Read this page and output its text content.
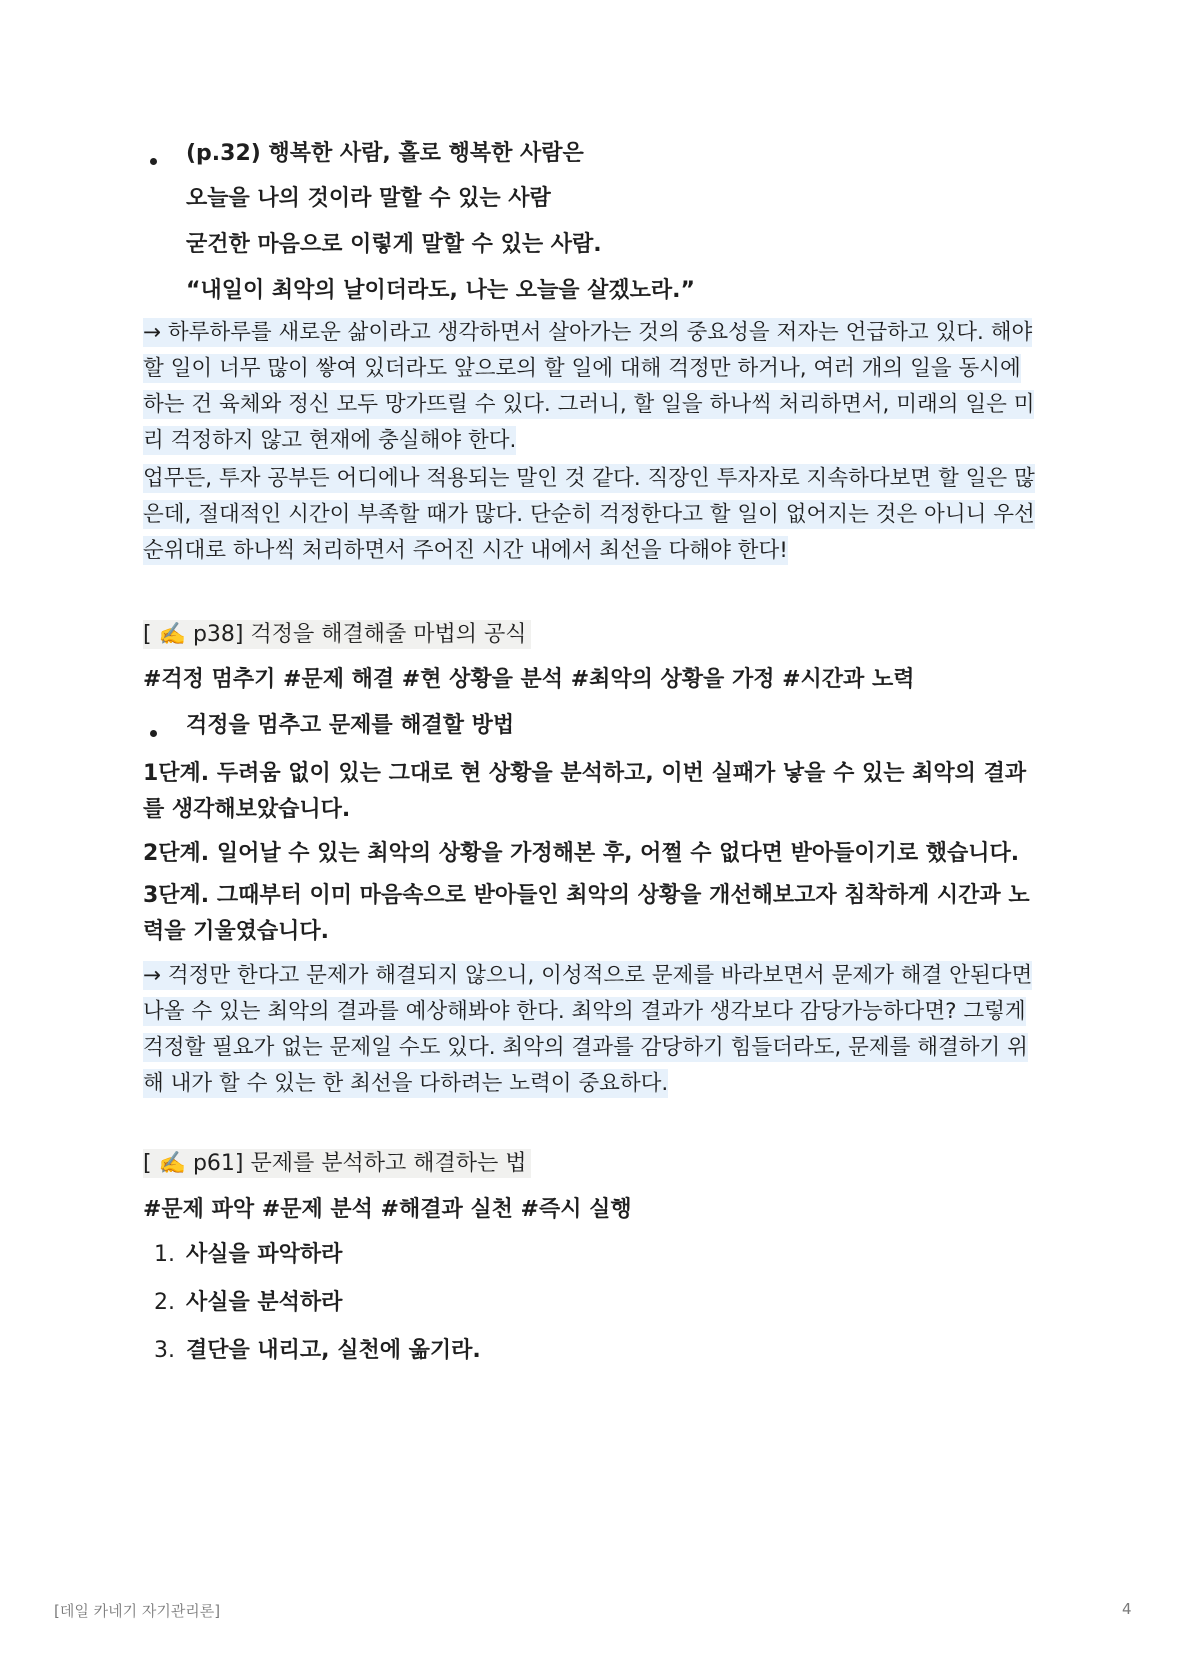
(p.32) 행복한 사람, 홀로 행복한 사람은
오늘을 나의 것이라 말할 수 있는 사람
굳건한 마음으로 이렇게 말할 수 있는 사람.
“내일이 최악의 날이더라도, 나는 오늘을 살겠노라.”
→ 하루하루를 새로운 삶이라고 생각하면서 살아가는 것의 중요성을 저자는 언급하고 있다. 해야 할 일이 너무 많이 쌓여 있더라도 앞으로의 할 일에 대해 걱정만 하거나, 여러 개의 일을 동시에 하는 건 육체와 정신 모두 망가뜨릴 수 있다. 그러니, 할 일을 하나씩 처리하면서, 미래의 일은 미리 걱정하지 않고 현재에 충실해야 한다.
업무든, 투자 공부든 어디에나 적용되는 말인 것 같다. 직장인 투자자로 지속하다보면 할 일은 많은데, 절대적인 시간이 부족할 때가 많다. 단순히 걱정한다고 할 일이 없어지는 것은 아니니 우선순위대로 하나씩 처리하면서 주어진 시간 내에서 최선을 다해야 한다!
[ ✍️ p38] 걱정을 해결해줄 마법의 공식
#걱정 멈추기 #문제 해결 #현 상황을 분석 #최악의 상황을 가정 #시간과 노력
걱정을 멈추고 문제를 해결할 방법
1단계. 두려움 없이 있는 그대로 현 상황을 분석하고, 이번 실패가 낳을 수 있는 최악의 결과를 생각해보았습니다.
2단계. 일어날 수 있는 최악의 상황을 가정해본 후, 어쩔 수 없다면 받아들이기로 했습니다.
3단계. 그때부터 이미 마음속으로 받아들인 최악의 상황을 개선해보고자 침착하게 시간과 노력을 기울였습니다.
→ 걱정만 한다고 문제가 해결되지 않으니, 이성적으로 문제를 바라보면서 문제가 해결 안된다면 나올 수 있는 최악의 결과를 예상해봐야 한다. 최악의 결과가 생각보다 감당가능하다면? 그렇게 걱정할 필요가 없는 문제일 수도 있다. 최악의 결과를 감당하기 힘들더라도, 문제를 해결하기 위해 내가 할 수 있는 한 최선을 다하려는 노력이 중요하다.
[ ✍️ p61] 문제를 분석하고 해결하는 법
#문제 파악 #문제 분석 #해결과 실천 #즉시 실행
1. 사실을 파악하라
2. 사실을 분석하라
3. 결단을 내리고, 실천에 옮기라.
[데일 카네기 자기관리론]	4
